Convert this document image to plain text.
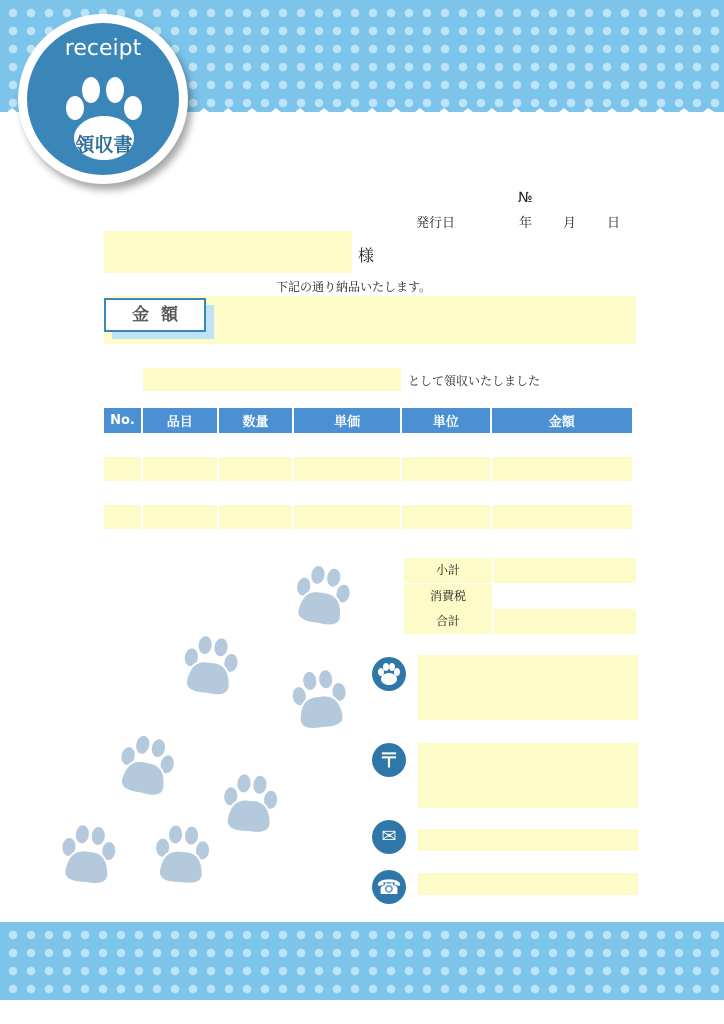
receipt
領収書
№
発行日	年 月 日
様
下記の通り納品いたします。
金額
として領収いたしました
No.	品目	数量	単価	単位	金額

小計
消費税
合計
〒
✉
☎
